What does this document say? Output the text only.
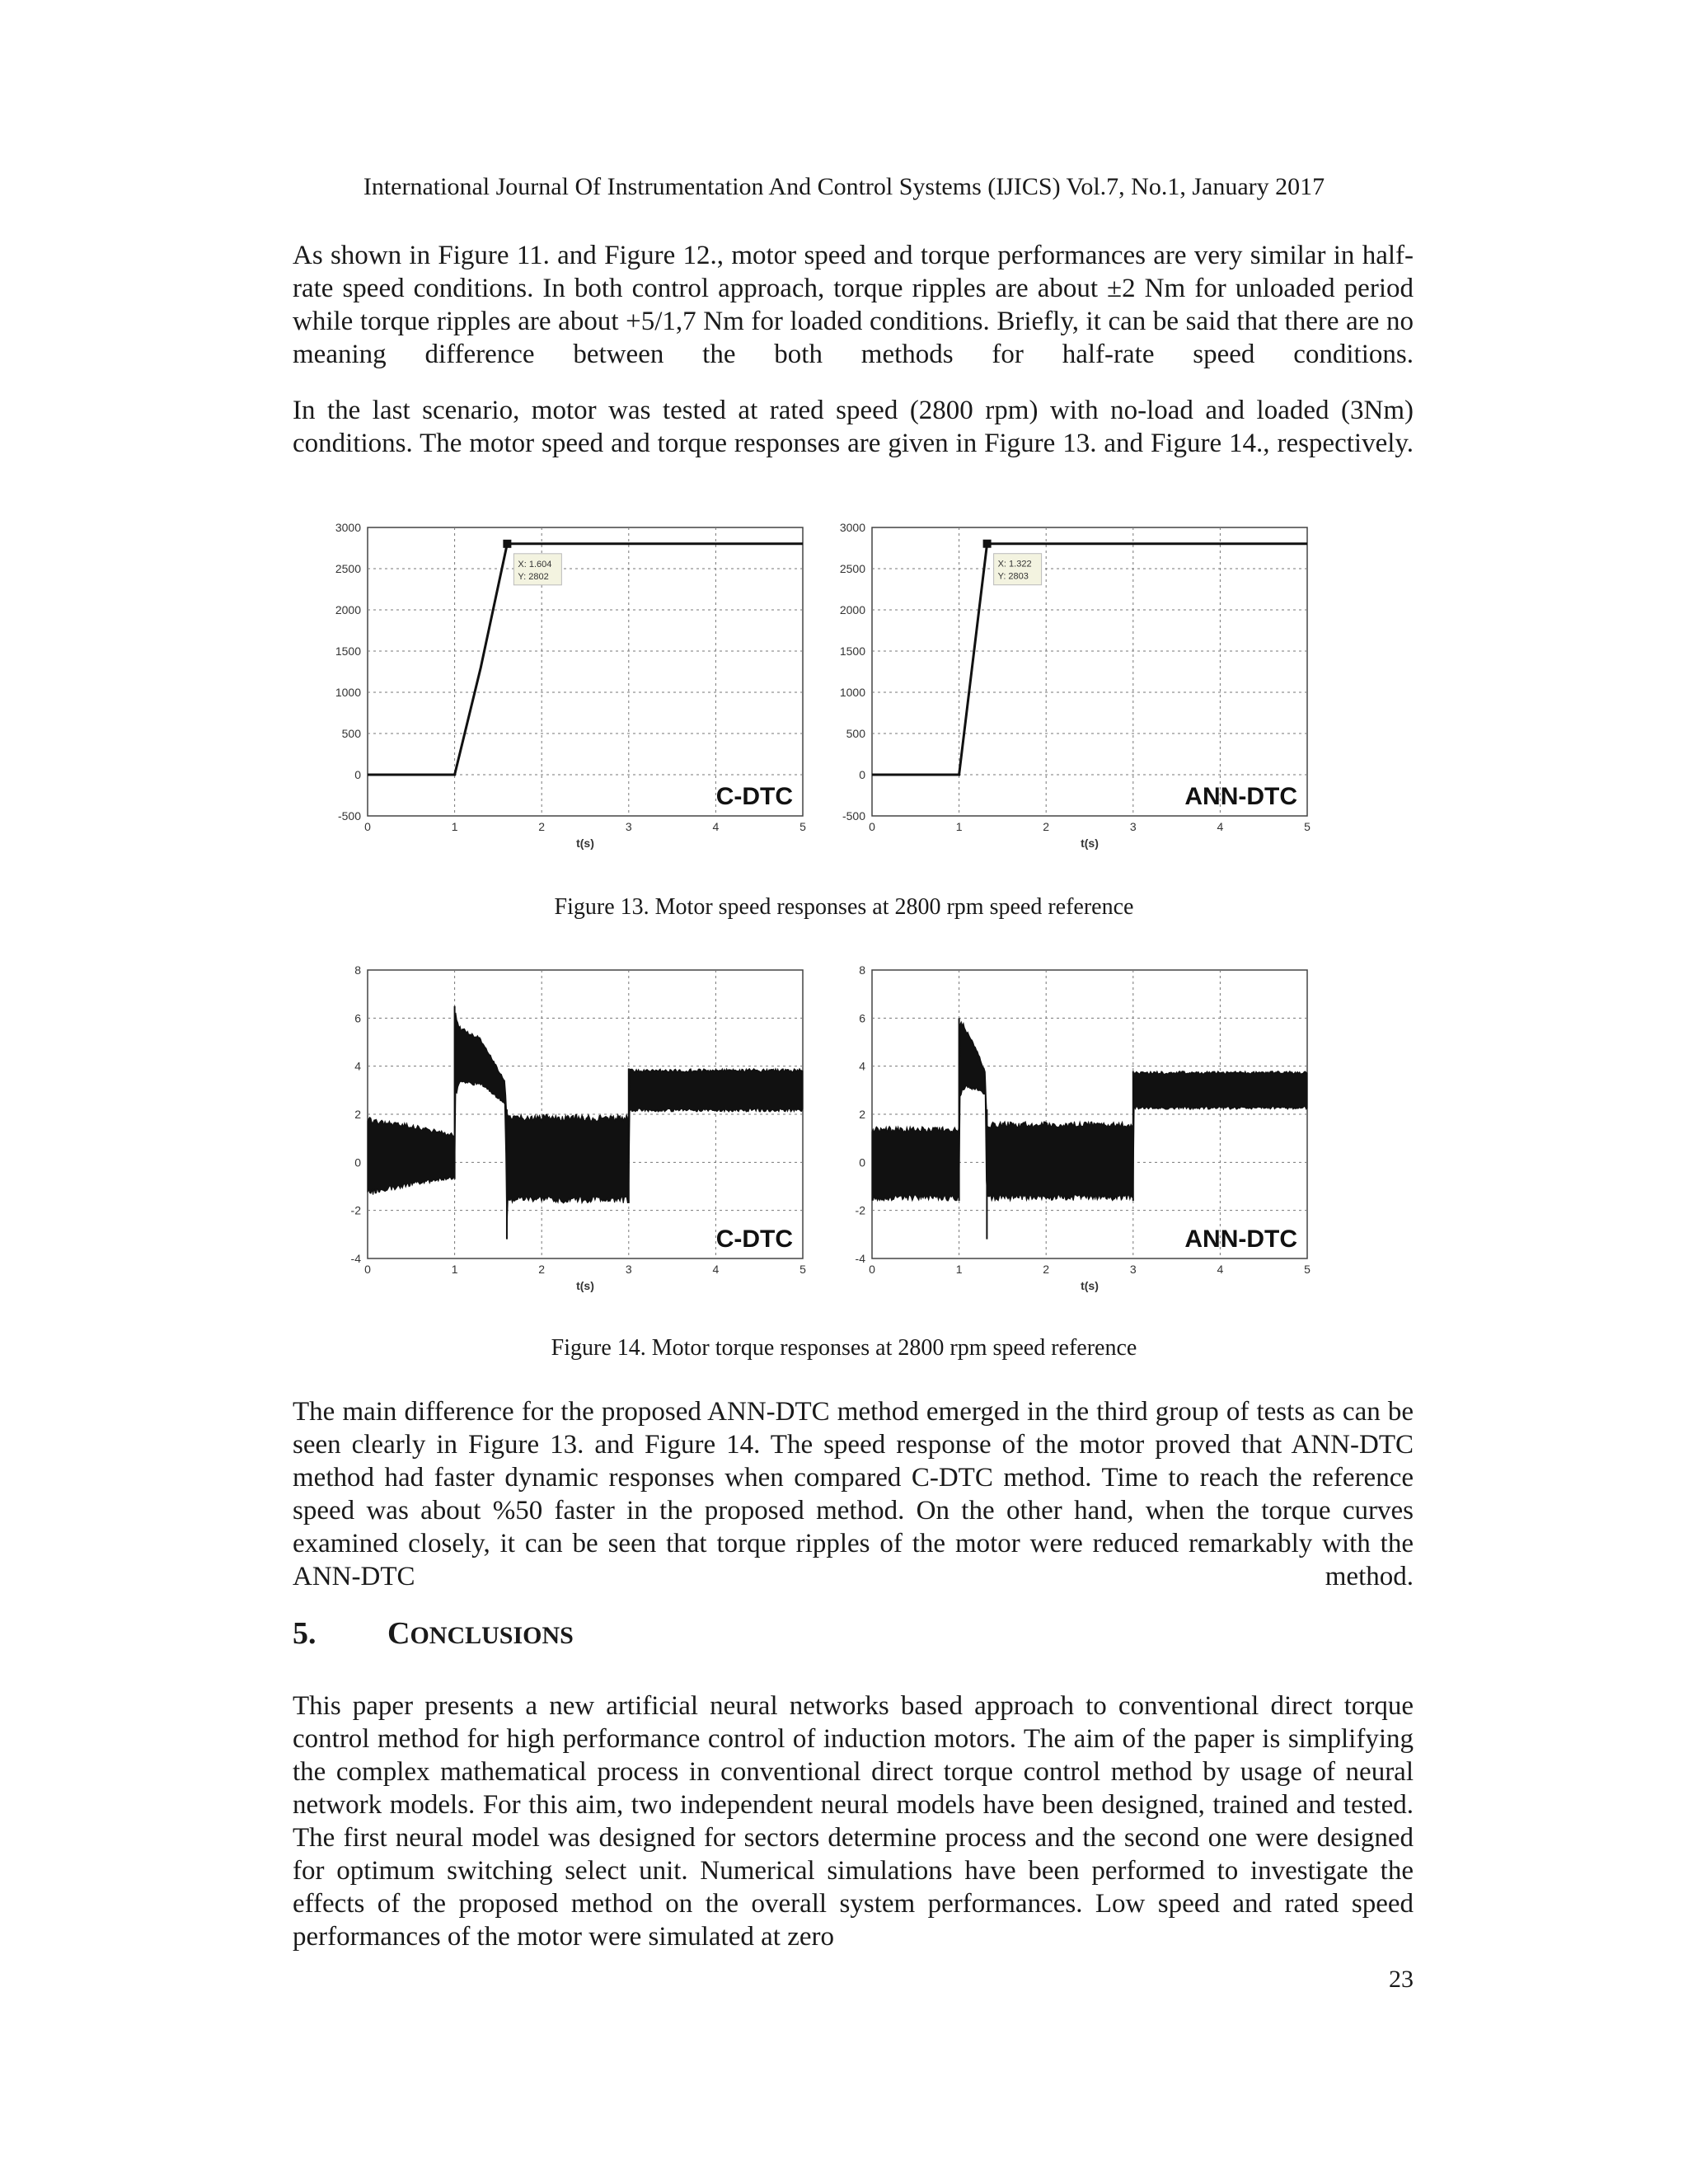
International Journal Of Instrumentation And Control Systems (IJICS) Vol.7, No.1, January 2017

As shown in Figure 11. and Figure 12., motor speed and torque performances are very similar in half-rate speed conditions. In both control approach, torque ripples are about ±2 Nm for unloaded period while torque ripples are about +5/1,7 Nm for loaded conditions. Briefly, it can be said that there are no meaning difference between the both methods for half-rate speed conditions.

In the last scenario, motor was tested at rated speed (2800 rpm) with no-load and loaded (3Nm) conditions. The motor speed and torque responses are given in Figure 13. and Figure 14., respectively.

0	1	2	3	4	5
-500
0
500
1000
1500
2000
2500
3000
t(s)
X: 1.604
Y: 2802
C-DTC
0	1	2	3	4	5
-500
0
500
1000
1500
2000
2500
3000
t(s)
X: 1.322
Y: 2803
ANN-DTC
Figure 13. Motor speed responses at 2800 rpm speed reference
0	1	2	3	4	5
-4
-2
0
2
4
6
8
t(s)
C-DTC
0	1	2	3	4	5
-4
-2
0
2
4
6
8
t(s)
ANN-DTC
Figure 14. Motor torque responses at 2800 rpm speed reference

The main difference for the proposed ANN-DTC method emerged in the third group of tests as can be seen clearly in Figure 13. and Figure 14. The speed response of the motor proved that ANN-DTC method had faster dynamic responses when compared C-DTC method. Time to reach the reference speed was about %50 faster in the proposed method. On the other hand, when the torque curves examined closely, it can be seen that torque ripples of the motor were reduced remarkably with the ANN-DTC method.

5. CONCLUSIONS

This paper presents a new artificial neural networks based approach to conventional direct torque control method for high performance control of induction motors. The aim of the paper is simplifying the complex mathematical process in conventional direct torque control method by usage of neural network models. For this aim, two independent neural models have been designed, trained and tested. The first neural model was designed for sectors determine process and the second one were designed for optimum switching select unit. Numerical simulations have been performed to investigate the effects of the proposed method on the overall system performances. Low speed and rated speed performances of the motor were simulated at zero

23
